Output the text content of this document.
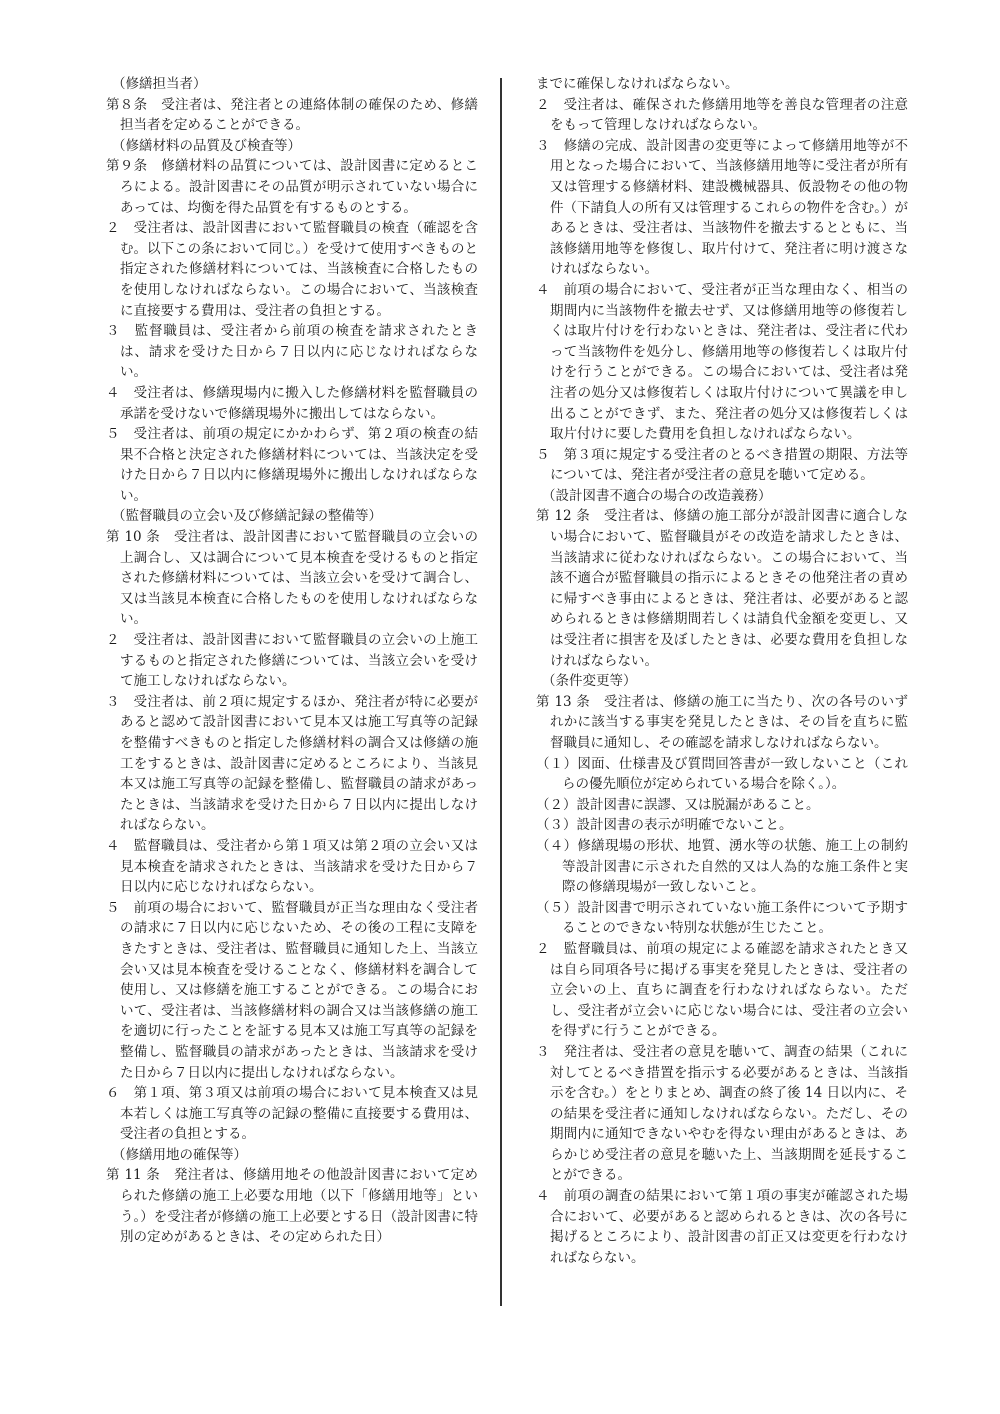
（修繕担当者）

第８条　受注者は、発注者との連絡体制の確保のため、修繕担当者を定めることができる。

（修繕材料の品質及び検査等）

第９条　修繕材料の品質については、設計図書に定めるところによる。設計図書にその品質が明示されていない場合にあっては、均衡を得た品質を有するものとする。

２　受注者は、設計図書において監督職員の検査（確認を含む。以下この条において同じ。）を受けて使用すべきものと指定された修繕材料については、当該検査に合格したものを使用しなければならない。この場合において、当該検査に直接要する費用は、受注者の負担とする。

３　監督職員は、受注者から前項の検査を請求されたときは、請求を受けた日から７日以内に応じなければならない。

４　受注者は、修繕現場内に搬入した修繕材料を監督職員の承諾を受けないで修繕現場外に搬出してはならない。

５　受注者は、前項の規定にかかわらず、第２項の検査の結果不合格と決定された修繕材料については、当該決定を受けた日から７日以内に修繕現場外に搬出しなければならない。

（監督職員の立会い及び修繕記録の整備等）

第 10 条　受注者は、設計図書において監督職員の立会いの上調合し、又は調合について見本検査を受けるものと指定された修繕材料については、当該立会いを受けて調合し、又は当該見本検査に合格したものを使用しなければならない。

２　受注者は、設計図書において監督職員の立会いの上施工するものと指定された修繕については、当該立会いを受けて施工しなければならない。

３　受注者は、前２項に規定するほか、発注者が特に必要があると認めて設計図書において見本又は施工写真等の記録を整備すべきものと指定した修繕材料の調合又は修繕の施工をするときは、設計図書に定めるところにより、当該見本又は施工写真等の記録を整備し、監督職員の請求があったときは、当該請求を受けた日から７日以内に提出しなければならない。

４　監督職員は、受注者から第１項又は第２項の立会い又は見本検査を請求されたときは、当該請求を受けた日から７日以内に応じなければならない。

５　前項の場合において、監督職員が正当な理由なく受注者の請求に７日以内に応じないため、その後の工程に支障をきたすときは、受注者は、監督職員に通知した上、当該立会い又は見本検査を受けることなく、修繕材料を調合して使用し、又は修繕を施工することができる。この場合において、受注者は、当該修繕材料の調合又は当該修繕の施工を適切に行ったことを証する見本又は施工写真等の記録を整備し、監督職員の請求があったときは、当該請求を受けた日から７日以内に提出しなければならない。

６　第１項、第３項又は前項の場合において見本検査又は見本若しくは施工写真等の記録の整備に直接要する費用は、受注者の負担とする。

（修繕用地の確保等）

第 11 条　発注者は、修繕用地その他設計図書において定められた修繕の施工上必要な用地（以下「修繕用地等」という。）を受注者が修繕の施工上必要とする日（設計図書に特別の定めがあるときは、その定められた日）

までに確保しなければならない。

２　受注者は、確保された修繕用地等を善良な管理者の注意をもって管理しなければならない。

３　修繕の完成、設計図書の変更等によって修繕用地等が不用となった場合において、当該修繕用地等に受注者が所有又は管理する修繕材料、建設機械器具、仮設物その他の物件（下請負人の所有又は管理するこれらの物件を含む。）があるときは、受注者は、当該物件を撤去するとともに、当該修繕用地等を修復し、取片付けて、発注者に明け渡さなければならない。

４　前項の場合において、受注者が正当な理由なく、相当の期間内に当該物件を撤去せず、又は修繕用地等の修復若しくは取片付けを行わないときは、発注者は、受注者に代わって当該物件を処分し、修繕用地等の修復若しくは取片付けを行うことができる。この場合においては、受注者は発注者の処分又は修復若しくは取片付けについて異議を申し出ることができず、また、発注者の処分又は修復若しくは取片付けに要した費用を負担しなければならない。

５　第３項に規定する受注者のとるべき措置の期限、方法等については、発注者が受注者の意見を聴いて定める。

（設計図書不適合の場合の改造義務）

第 12 条　受注者は、修繕の施工部分が設計図書に適合しない場合において、監督職員がその改造を請求したときは、当該請求に従わなければならない。この場合において、当該不適合が監督職員の指示によるときその他発注者の責めに帰すべき事由によるときは、発注者は、必要があると認められるときは修繕期間若しくは請負代金額を変更し、又は受注者に損害を及ぼしたときは、必要な費用を負担しなければならない。

（条件変更等）

第 13 条　受注者は、修繕の施工に当たり、次の各号のいずれかに該当する事実を発見したときは、その旨を直ちに監督職員に通知し、その確認を請求しなければならない。

（１）図面、仕様書及び質問回答書が一致しないこと（これらの優先順位が定められている場合を除く。）。

（２）設計図書に誤謬、又は脱漏があること。

（３）設計図書の表示が明確でないこと。

（４）修繕現場の形状、地質、湧水等の状態、施工上の制約等設計図書に示された自然的又は人為的な施工条件と実際の修繕現場が一致しないこと。

（５）設計図書で明示されていない施工条件について予期することのできない特別な状態が生じたこと。

２　監督職員は、前項の規定による確認を請求されたとき又は自ら同項各号に掲げる事実を発見したときは、受注者の立会いの上、直ちに調査を行わなければならない。ただし、受注者が立会いに応じない場合には、受注者の立会いを得ずに行うことができる。

３　発注者は、受注者の意見を聴いて、調査の結果（これに対してとるべき措置を指示する必要があるときは、当該指示を含む。）をとりまとめ、調査の終了後 14 日以内に、その結果を受注者に通知しなければならない。ただし、その期間内に通知できないやむを得ない理由があるときは、あらかじめ受注者の意見を聴いた上、当該期間を延長することができる。

４　前項の調査の結果において第１項の事実が確認された場合において、必要があると認められるときは、次の各号に掲げるところにより、設計図書の訂正又は変更を行わなければならない。
